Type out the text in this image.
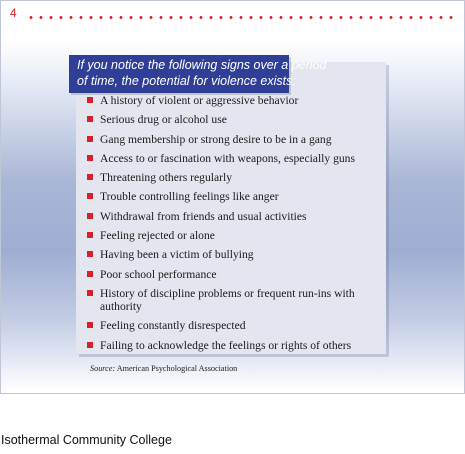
4
If you notice the following signs over a period
of time, the potential for violence exists:
A history of violent or aggressive behavior
Serious drug or alcohol use
Gang membership or strong desire to be in a gang
Access to or fascination with weapons, especially guns
Threatening others regularly
Trouble controlling feelings like anger
Withdrawal from friends and usual activities
Feeling rejected or alone
Having been a victim of bullying
Poor school performance
History of discipline problems or frequent run-ins with authority
Feeling constantly disrespected
Failing to acknowledge the feelings or rights of others
Source: American Psychological Association
Isothermal Community College
